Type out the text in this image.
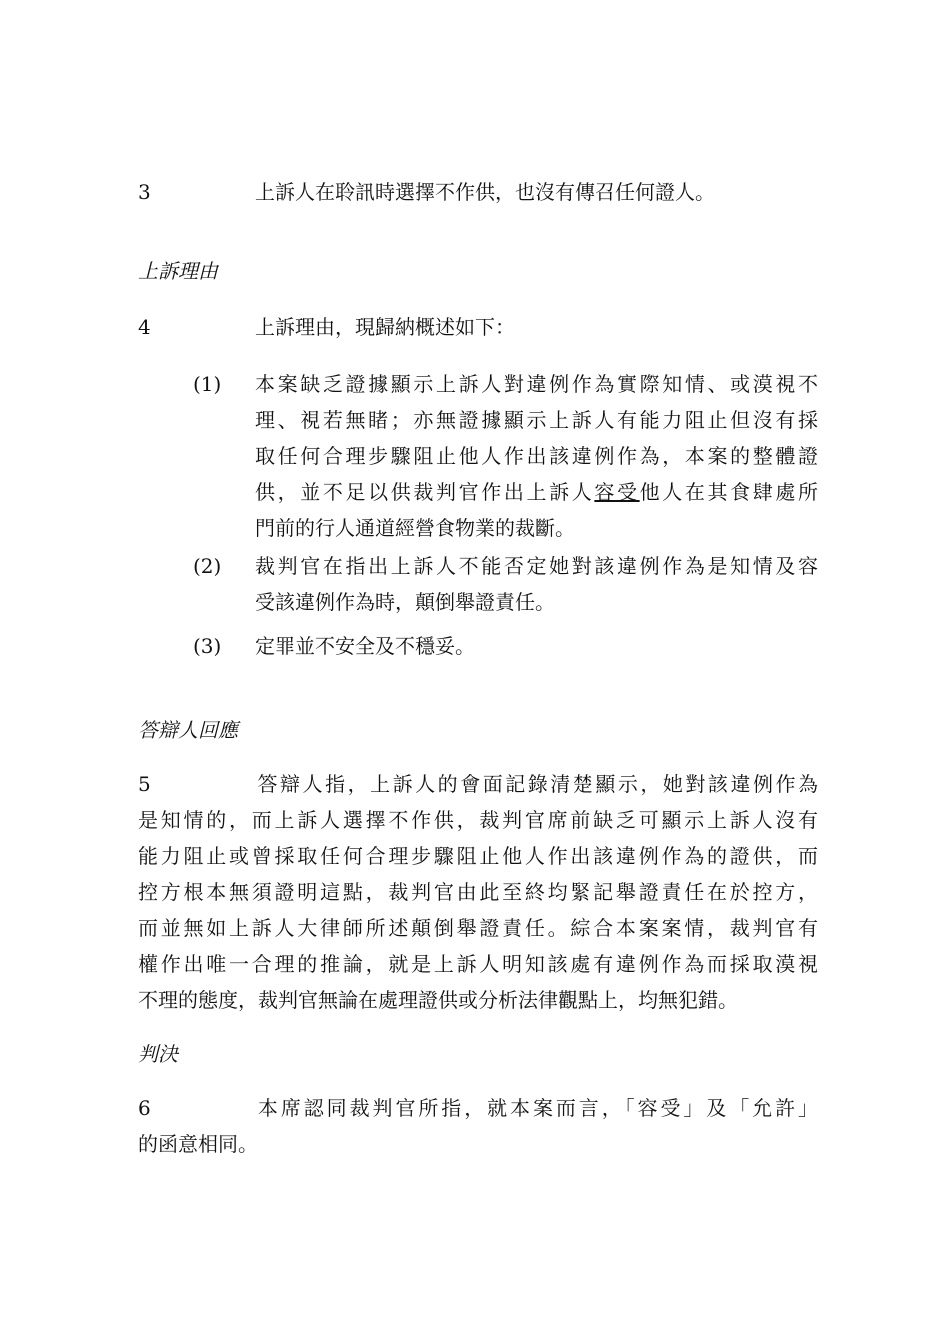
3	上訴人在聆訊時選擇不作供，也沒有傳召任何證人。
上訴理由
4	上訴理由，現歸納概述如下：
(1) 本案缺乏證據顯示上訴人對違例作為實際知情、或漠視不
理、視若無睹；亦無證據顯示上訴人有能力阻止但沒有採
取任何合理步驟阻止他人作出該違例作為，本案的整體證
供，並不足以供裁判官作出上訴人容受他人在其食肆處所
門前的行人通道經營食物業的裁斷。
(2) 裁判官在指出上訴人不能否定她對該違例作為是知情及容
受該違例作為時，顛倒舉證責任。
(3) 定罪並不安全及不穩妥。
答辯人回應
5	答辯人指，上訴人的會面記錄清楚顯示，她對該違例作為
是知情的，而上訴人選擇不作供，裁判官席前缺乏可顯示上訴人沒有
能力阻止或曾採取任何合理步驟阻止他人作出該違例作為的證供，而
控方根本無須證明這點，裁判官由此至終均緊記舉證責任在於控方，
而並無如上訴人大律師所述顛倒舉證責任。綜合本案案情，裁判官有
權作出唯一合理的推論，就是上訴人明知該處有違例作為而採取漠視
不理的態度，裁判官無論在處理證供或分析法律觀點上，均無犯錯。
判決
6	本席認同裁判官所指，就本案而言，「容受」及「允許」
的函意相同。
